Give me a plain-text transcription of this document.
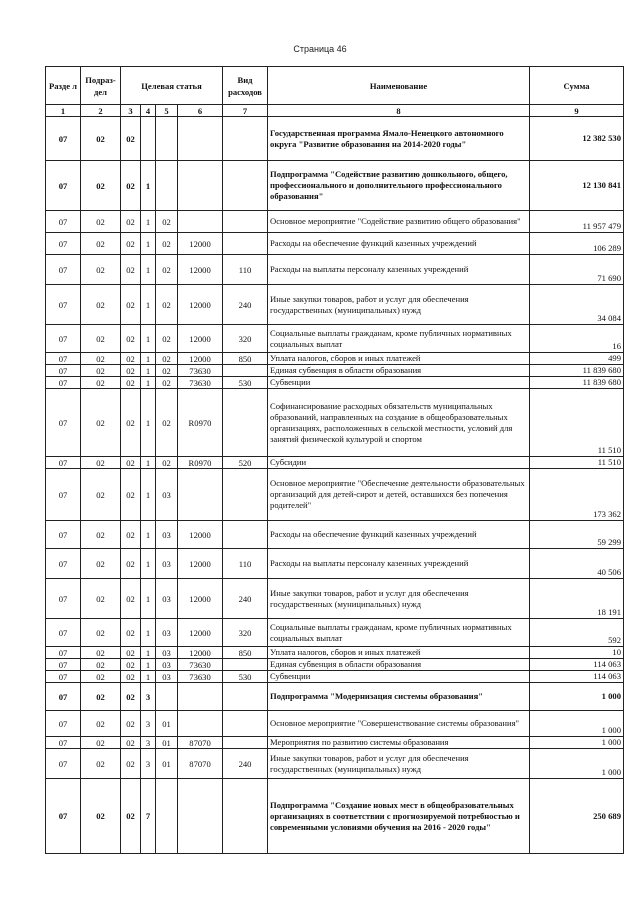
Страница 46
Разде л	Подраз- дел	Целевая статья				Вид расходов	Наименование	Сумма
1	2	3	4	5	6	7	8	9
07	02	02					Государственная программа Ямало-Ненецкого автономного округа "Развитие образования на 2014-2020 годы"	12 382 530
07	02	02	1				Подпрограмма "Содействие развитию дошкольного, общего, профессионального и дополнительного профессионального образования"	12 130 841
07	02	02	1	02			Основное мероприятие "Содействие развитию общего образования"	11 957 479
07	02	02	1	02	12000		Расходы на обеспечение функций казенных учреждений	106 289
07	02	02	1	02	12000	110	Расходы на выплаты персоналу казенных учреждений	71 690
07	02	02	1	02	12000	240	Иные закупки товаров, работ и услуг для обеспечения государственных (муниципальных) нужд	34 084
07	02	02	1	02	12000	320	Социальные выплаты гражданам, кроме публичных нормативных социальных выплат	16
07	02	02	1	02	12000	850	Уплата налогов, сборов и иных платежей	499
07	02	02	1	02	73630		Единая субвенция в области образования	11 839 680
07	02	02	1	02	73630	530	Субвенции	11 839 680
07	02	02	1	02	R0970		Софинансирование расходных обязательств муниципальных образований, направленных на создание в общеобразовательных организациях, расположенных в сельской местности, условий для занятий физической культурой и спортом	11 510
07	02	02	1	02	R0970	520	Субсидии	11 510
07	02	02	1	03			Основное мероприятие "Обеспечение деятельности образовательных организаций для детей-сирот и детей, оставшихся без попечения родителей"	173 362
07	02	02	1	03	12000		Расходы на обеспечение функций казенных учреждений	59 299
07	02	02	1	03	12000	110	Расходы на выплаты персоналу казенных учреждений	40 506
07	02	02	1	03	12000	240	Иные закупки товаров, работ и услуг для обеспечения государственных (муниципальных) нужд	18 191
07	02	02	1	03	12000	320	Социальные выплаты гражданам, кроме публичных нормативных социальных выплат	592
07	02	02	1	03	12000	850	Уплата налогов, сборов и иных платежей	10
07	02	02	1	03	73630		Единая субвенция в области образования	114 063
07	02	02	1	03	73630	530	Субвенции	114 063
07	02	02	3				Подпрограмма "Модернизация системы образования"	1 000
07	02	02	3	01			Основное мероприятие "Совершенствование системы образования"	1 000
07	02	02	3	01	87070		Мероприятия по развитию системы образования	1 000
07	02	02	3	01	87070	240	Иные закупки товаров, работ и услуг для обеспечения государственных (муниципальных) нужд	1 000
07	02	02	7				Подпрограмма "Создание новых мест в общеобразовательных организациях в соответствии с прогнозируемой потребностью и современными условиями обучения на 2016 - 2020 годы"	250 689
